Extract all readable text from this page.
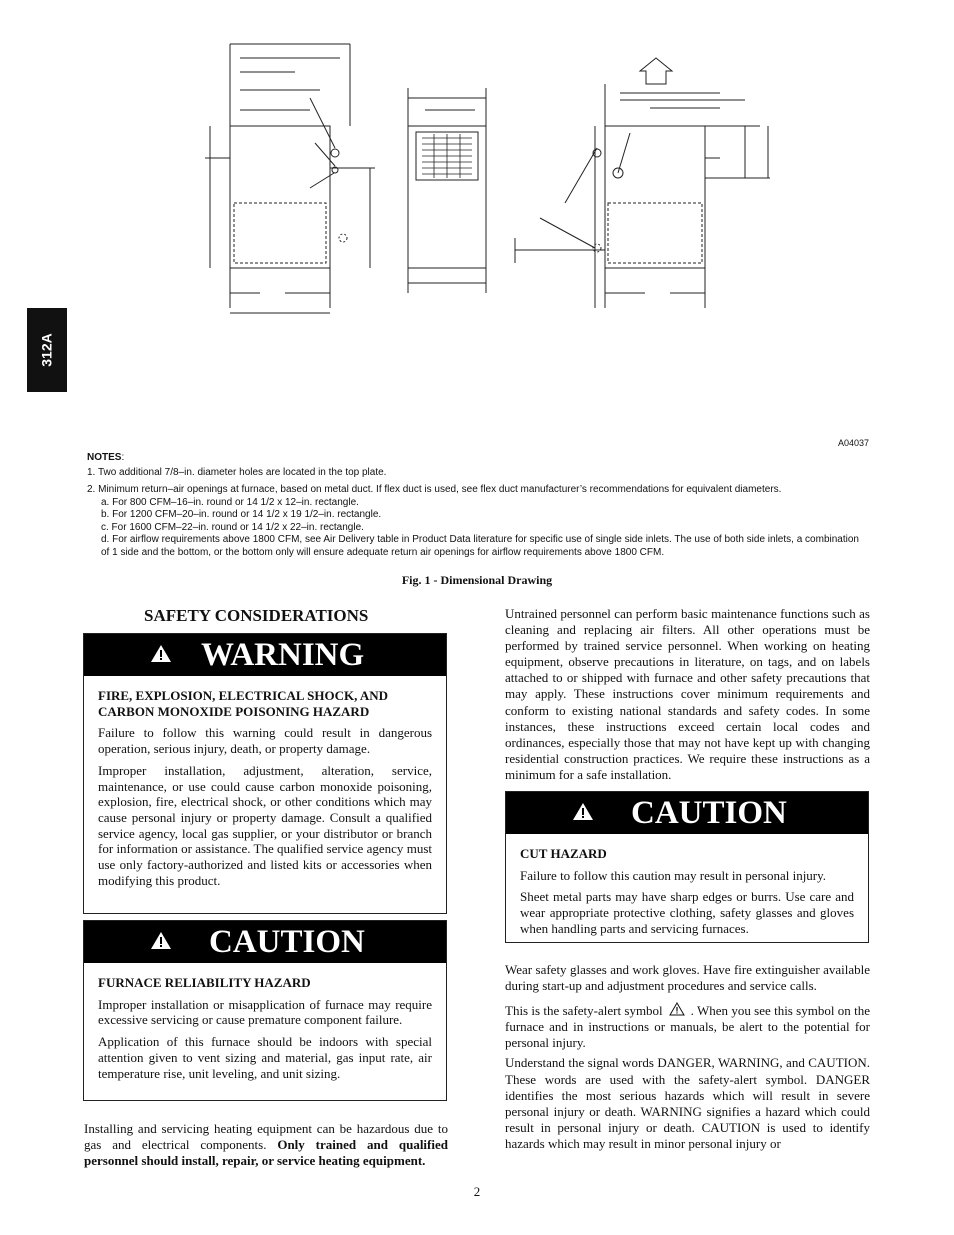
312A
A04037
NOTES:
1. Two additional 7/8–in. diameter holes are located in the top plate.
2. Minimum return–air openings at furnace, based on metal duct. If flex duct is used, see flex duct manufacturer’s recommendations for equivalent diameters.
a. For 800 CFM–16–in. round or 14 1/2 x 12–in. rectangle.
b. For 1200 CFM–20–in. round or 14 1/2 x 19 1/2–in. rectangle.
c. For 1600 CFM–22–in. round or 14 1/2 x 22–in. rectangle.
d. For airflow requirements above 1800 CFM, see Air Delivery table in Product Data literature for specific use of single side inlets. The use of both side inlets, a combination of 1 side and the bottom, or the bottom only will ensure adequate return air openings for airflow requirements above 1800 CFM.
Fig. 1 - Dimensional Drawing
SAFETY CONSIDERATIONS
WARNING
FIRE, EXPLOSION, ELECTRICAL SHOCK, AND CARBON MONOXIDE POISONING HAZARD

Failure to follow this warning could result in dangerous operation, serious injury, death, or property damage.

Improper installation, adjustment, alteration, service, maintenance, or use could cause carbon monoxide poisoning, explosion, fire, electrical shock, or other conditions which may cause personal injury or property damage. Consult a qualified service agency, local gas supplier, or your distributor or branch for information or assistance. The qualified service agency must use only factory-authorized and listed kits or accessories when modifying this product.

CAUTION
FURNACE RELIABILITY HAZARD

Improper installation or misapplication of furnace may require excessive servicing or cause premature component failure.

Application of this furnace should be indoors with special attention given to vent sizing and material, gas input rate, air temperature rise, unit leveling, and unit sizing.

Installing and servicing heating equipment can be hazardous due to gas and electrical components. Only trained and qualified personnel should install, repair, or service heating equipment.

Untrained personnel can perform basic maintenance functions such as cleaning and replacing air filters. All other operations must be performed by trained service personnel. When working on heating equipment, observe precautions in literature, on tags, and on labels attached to or shipped with furnace and other safety precautions that may apply. These instructions cover minimum requirements and conform to existing national standards and safety codes. In some instances, these instructions exceed certain local codes and ordinances, especially those that may not have kept up with changing residential construction practices. We require these instructions as a minimum for a safe installation.

CAUTION
CUT HAZARD

Failure to follow this caution may result in personal injury.

Sheet metal parts may have sharp edges or burrs. Use care and wear appropriate protective clothing, safety glasses and gloves when handling parts and servicing furnaces.

Wear safety glasses and work gloves. Have fire extinguisher available during start-up and adjustment procedures and service calls.

This is the safety-alert symbol . When you see this symbol on the furnace and in instructions or manuals, be alert to the potential for personal injury.

Understand the signal words DANGER, WARNING, and CAUTION. These words are used with the safety-alert symbol. DANGER identifies the most serious hazards which will result in severe personal injury or death. WARNING signifies a hazard which could result in personal injury or death. CAUTION is used to identify hazards which may result in minor personal injury or

2
